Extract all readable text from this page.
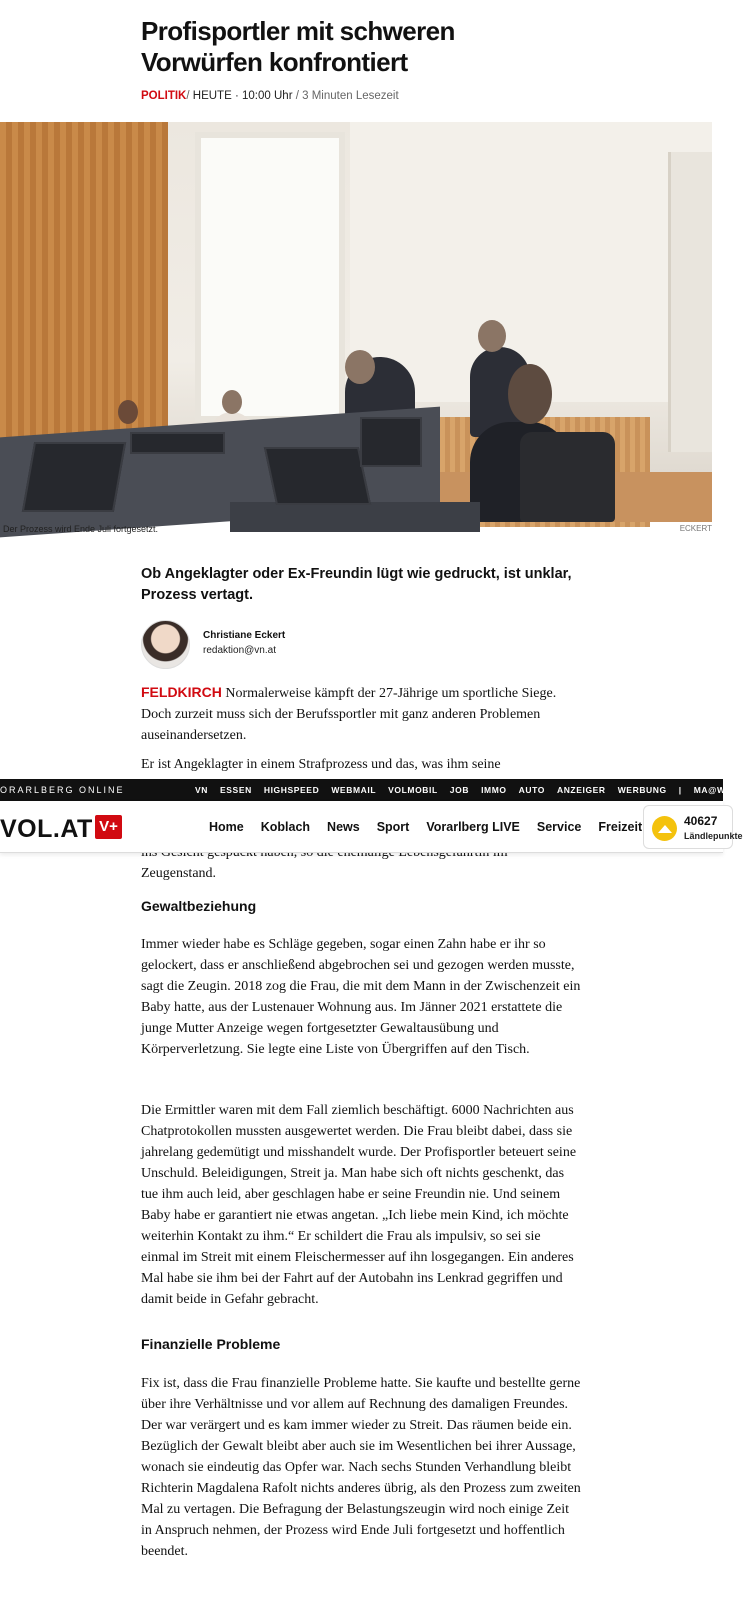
Profisportler mit schweren Vorwürfen konfrontiert
POLITIK/ HEUTE · 10:00 Uhr / 3 Minuten Lesezeit
Der Prozess wird Ende Juli fortgesetzt.	ECKERT

Ob Angeklagter oder Ex-Freundin lügt wie gedruckt, ist unklar, Prozess vertagt.

Christiane Eckert
redaktion@vn.at

FELDKIRCH Normalerweise kämpft der 27-Jährige um sportliche Siege. Doch zurzeit muss sich der Berufssportler mit ganz anderen Problemen auseinandersetzen.

Er ist Angeklagter in einem Strafprozess und das, was ihm seine

Zeugenstand.

Gewaltbeziehung

Immer wieder habe es Schläge gegeben, sogar einen Zahn habe er ihr so gelockert, dass er anschließend abgebrochen sei und gezogen werden musste, sagt die Zeugin. 2018 zog die Frau, die mit dem Mann in der Zwischenzeit ein Baby hatte, aus der Lustenauer Wohnung aus. Im Jänner 2021 erstattete die junge Mutter Anzeige wegen fortgesetzter Gewaltausübung und Körperverletzung. Sie legte eine Liste von Übergriffen auf den Tisch.

Die Ermittler waren mit dem Fall ziemlich beschäftigt. 6000 Nachrichten aus Chatprotokollen mussten ausgewertet werden. Die Frau bleibt dabei, dass sie jahrelang gedemütigt und misshandelt wurde. Der Profisportler beteuert seine Unschuld. Beleidigungen, Streit ja. Man habe sich oft nichts geschenkt, das tue ihm auch leid, aber geschlagen habe er seine Freundin nie. Und seinem Baby habe er garantiert nie etwas angetan. „Ich liebe mein Kind, ich möchte weiterhin Kontakt zu ihm.“ Er schildert die Frau als impulsiv, so sei sie einmal im Streit mit einem Fleischermesser auf ihn losgegangen. Ein anderes Mal habe sie ihm bei der Fahrt auf der Autobahn ins Lenkrad gegriffen und damit beide in Gefahr gebracht.

Finanzielle Probleme

Fix ist, dass die Frau finanzielle Probleme hatte. Sie kaufte und bestellte gerne über ihre Verhältnisse und vor allem auf Rechnung des damaligen Freundes. Der war verärgert und es kam immer wieder zu Streit. Das räumen beide ein. Bezüglich der Gewalt bleibt aber auch sie im Wesentlichen bei ihrer Aussage, wonach sie eindeutig das Opfer war. Nach sechs Stunden Verhandlung bleibt Richterin Magdalena Rafolt nichts anderes übrig, als den Prozess zum zweiten Mal zu vertagen. Die Befragung der Belastungszeugin wird noch einige Zeit in Anspruch nehmen, der Prozess wird Ende Juli fortgesetzt und hoffentlich beendet.

ORARLBERG ONLINE	VN ESSEN HIGHSPEED WEBMAIL VOLMOBIL JOB IMMO AUTO ANZEIGER WERBUNG | MA@WKV.AT
VOL.AT V+	Home Koblach News Sport Vorarlberg LIVE Service Freizeit	40627
Ländlepunkte
